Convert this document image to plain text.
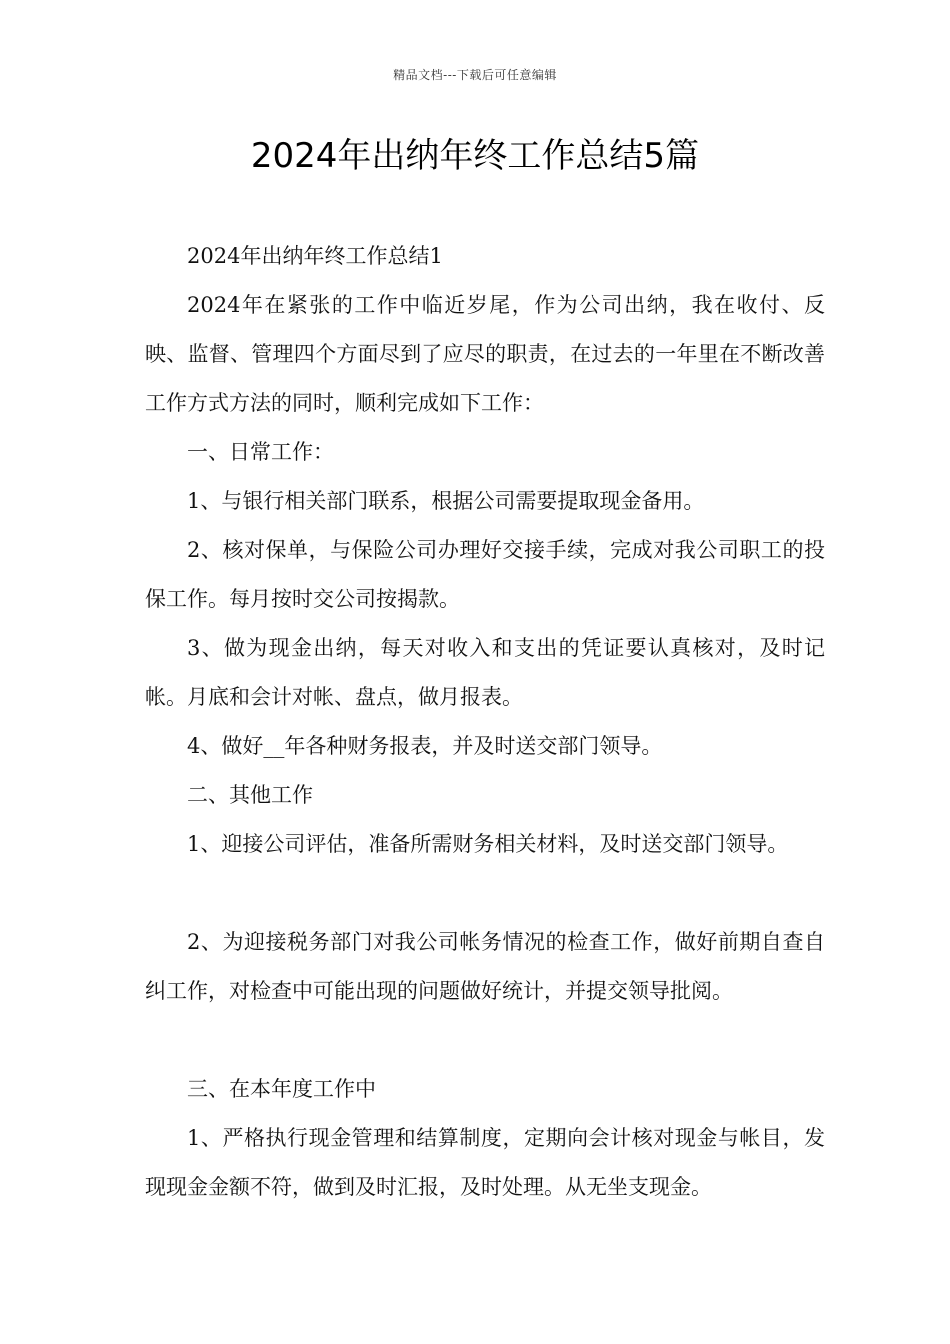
精品文档---下载后可任意编辑
2024年出纳年终工作总结5篇

2024年出纳年终工作总结1

2024年在紧张的工作中临近岁尾，作为公司出纳，我在收付、反映、监督、管理四个方面尽到了应尽的职责，在过去的一年里在不断改善工作方式方法的同时，顺利完成如下工作：

一、日常工作：

1、与银行相关部门联系，根据公司需要提取现金备用。

2、核对保单，与保险公司办理好交接手续，完成对我公司职工的投保工作。每月按时交公司按揭款。

3、做为现金出纳，每天对收入和支出的凭证要认真核对，及时记帐。月底和会计对帐、盘点，做月报表。

4、做好__年各种财务报表，并及时送交部门领导。

二、其他工作

1、迎接公司评估，准备所需财务相关材料，及时送交部门领导。

2、为迎接税务部门对我公司帐务情况的检查工作，做好前期自查自纠工作，对检查中可能出现的问题做好统计，并提交领导批阅。

三、在本年度工作中

1、严格执行现金管理和结算制度，定期向会计核对现金与帐目，发现现金金额不符，做到及时汇报，及时处理。从无坐支现金。
